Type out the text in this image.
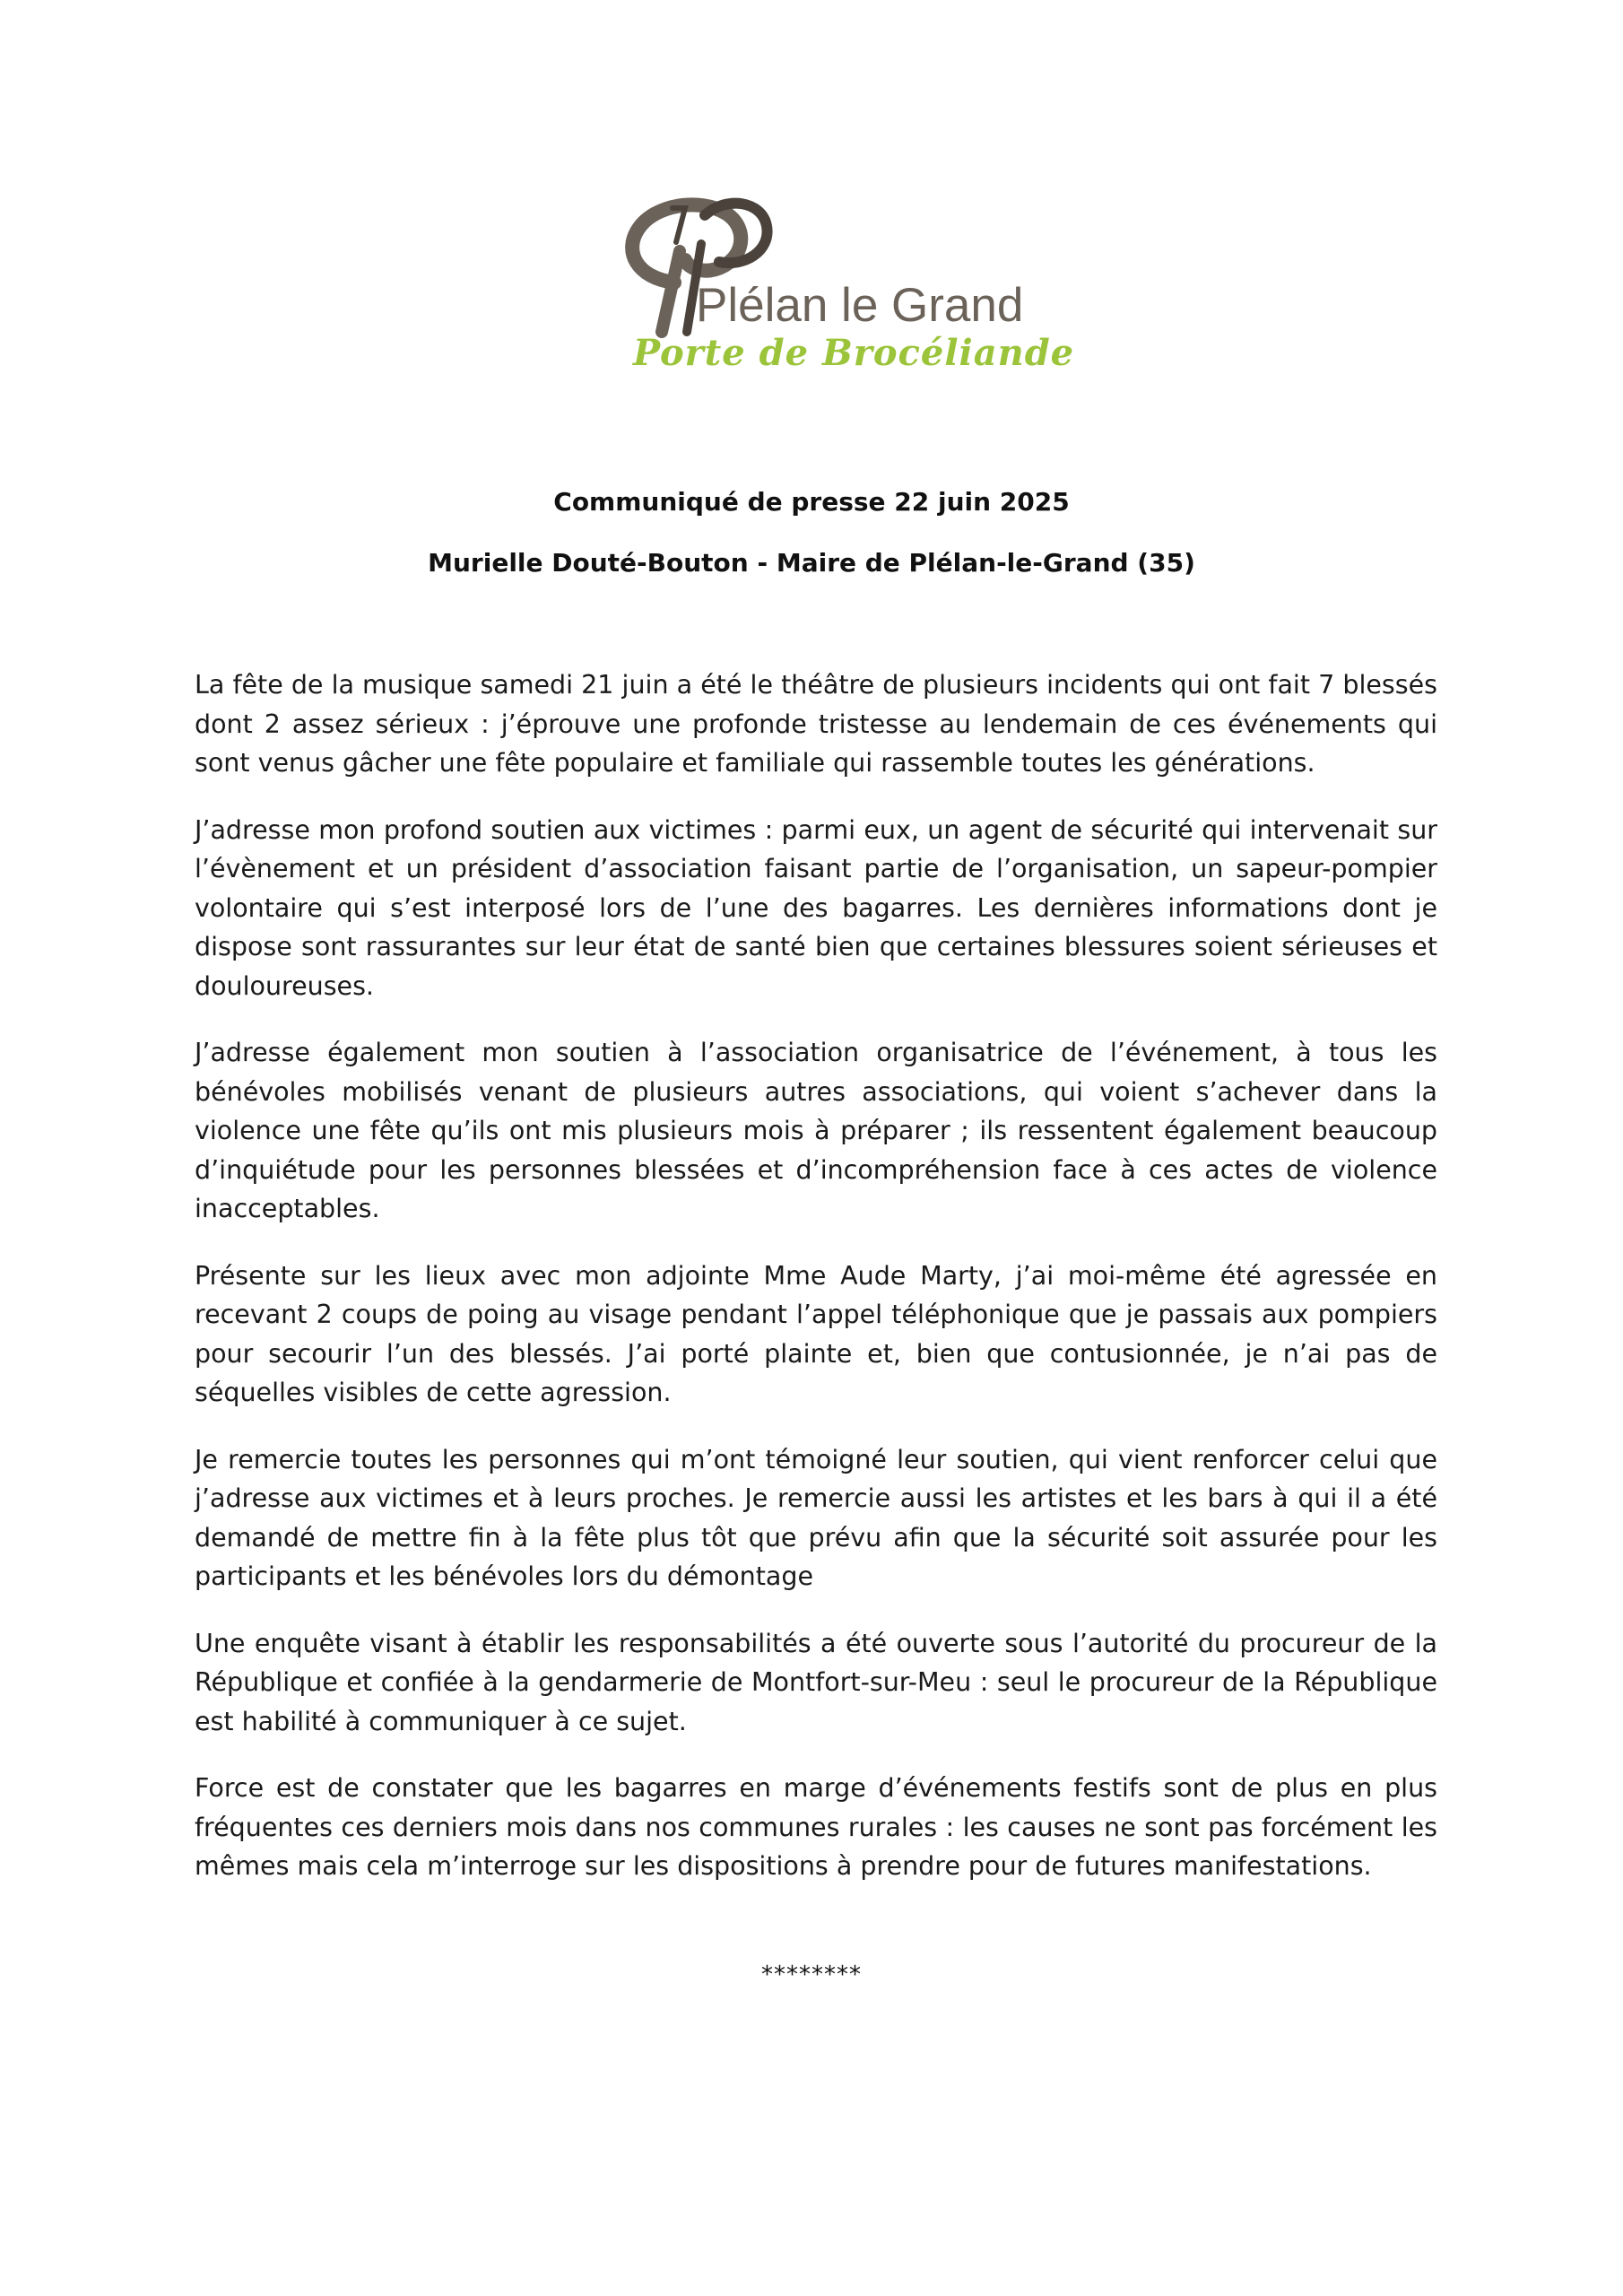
Plélan le Grand
Porte de Brocéliande
Communiqué de presse 22 juin 2025
Murielle Douté-Bouton - Maire de Plélan-le-Grand (35)

La fête de la musique samedi 21 juin a été le théâtre de plusieurs incidents qui ont fait 7 blessés dont 2 assez sérieux : j’éprouve une profonde tristesse au lendemain de ces événements qui sont venus gâcher une fête populaire et familiale qui rassemble toutes les générations.

J’adresse mon profond soutien aux victimes : parmi eux, un agent de sécurité qui intervenait sur l’évènement et un président d’association faisant partie de l’organisation, un sapeur-pompier volontaire qui s’est interposé lors de l’une des bagarres. Les dernières informations dont je dispose sont rassurantes sur leur état de santé bien que certaines blessures soient sérieuses et douloureuses.

J’adresse également mon soutien à l’association organisatrice de l’événement, à tous les bénévoles mobilisés venant de plusieurs autres associations, qui voient s’achever dans la violence une fête qu’ils ont mis plusieurs mois à préparer ; ils ressentent également beaucoup d’inquiétude pour les personnes blessées et d’incompréhension face à ces actes de violence inacceptables.

Présente sur les lieux avec mon adjointe Mme Aude Marty, j’ai moi-même été agressée en recevant 2 coups de poing au visage pendant l’appel téléphonique que je passais aux pompiers pour secourir l’un des blessés. J’ai porté plainte et, bien que contusionnée, je n’ai pas de séquelles visibles de cette agression.

Je remercie toutes les personnes qui m’ont témoigné leur soutien, qui vient renforcer celui que j’adresse aux victimes et à leurs proches. Je remercie aussi les artistes et les bars à qui il a été demandé de mettre fin à la fête plus tôt que prévu afin que la sécurité soit assurée pour les participants et les bénévoles lors du démontage

Une enquête visant à établir les responsabilités a été ouverte sous l’autorité du procureur de la République et confiée à la gendarmerie de Montfort-sur-Meu : seul le procureur de la République est habilité à communiquer à ce sujet.

Force est de constater que les bagarres en marge d’événements festifs sont de plus en plus fréquentes ces derniers mois dans nos communes rurales : les causes ne sont pas forcément les mêmes mais cela m’interroge sur les dispositions à prendre pour de futures manifestations.

********
